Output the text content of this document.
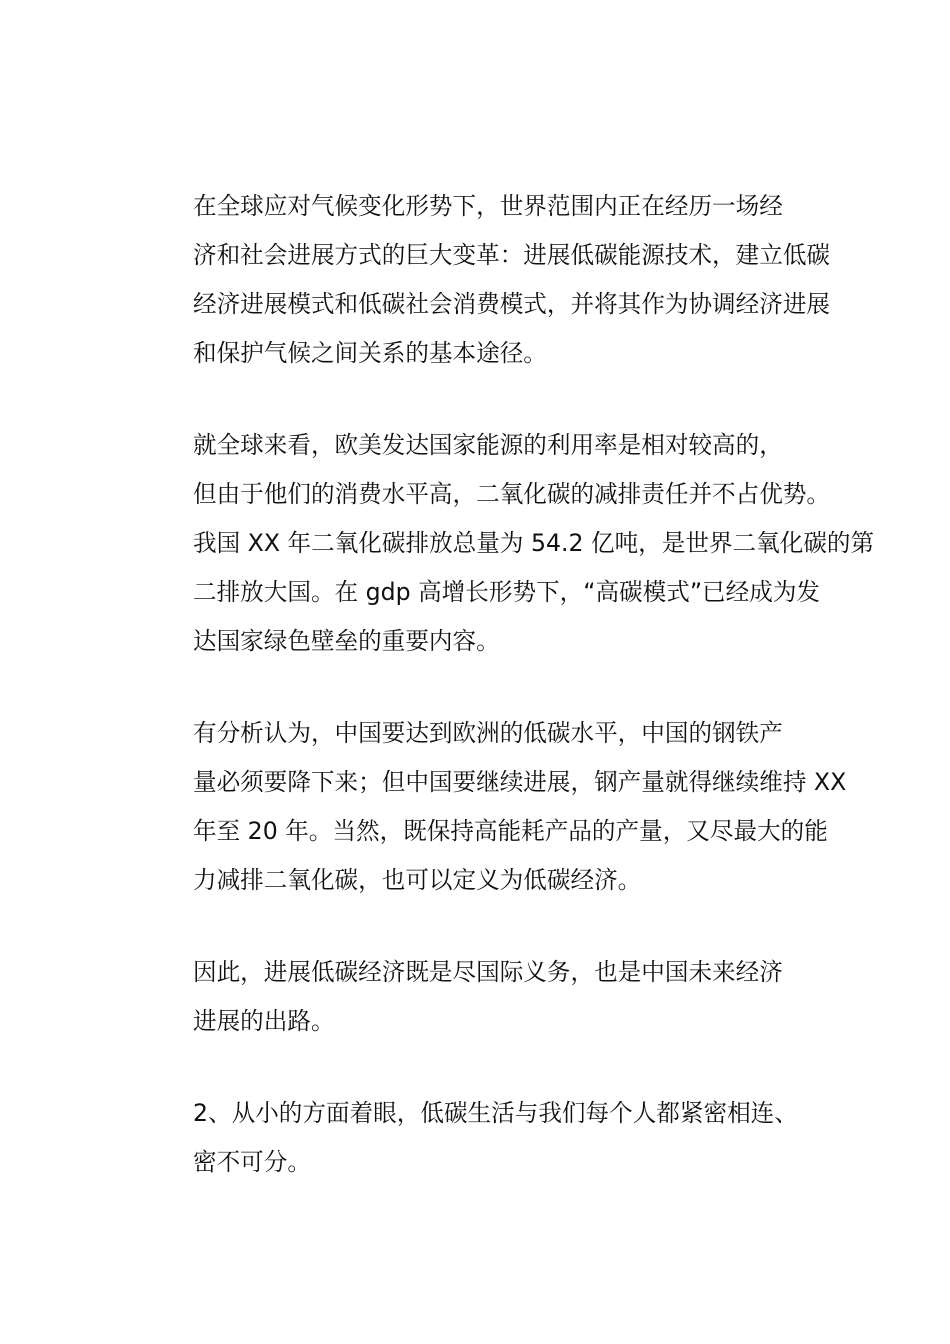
在全球应对气候变化形势下，世界范围内正在经历一场经
济和社会进展方式的巨大变革：进展低碳能源技术，建立低碳
经济进展模式和低碳社会消费模式，并将其作为协调经济进展
和保护气候之间关系的基本途径。

就全球来看，欧美发达国家能源的利用率是相对较高的，
但由于他们的消费水平高，二氧化碳的减排责任并不占优势。
我国 XX 年二氧化碳排放总量为 54.2 亿吨，是世界二氧化碳的第
二排放大国。在 gdp 高增长形势下，“高碳模式”已经成为发
达国家绿色壁垒的重要内容。

有分析认为，中国要达到欧洲的低碳水平，中国的钢铁产
量必须要降下来；但中国要继续进展，钢产量就得继续维持 XX
年至 20 年。当然，既保持高能耗产品的产量，又尽最大的能
力减排二氧化碳，也可以定义为低碳经济。

因此，进展低碳经济既是尽国际义务，也是中国未来经济
进展的出路。

2、从小的方面着眼，低碳生活与我们每个人都紧密相连、
密不可分。
